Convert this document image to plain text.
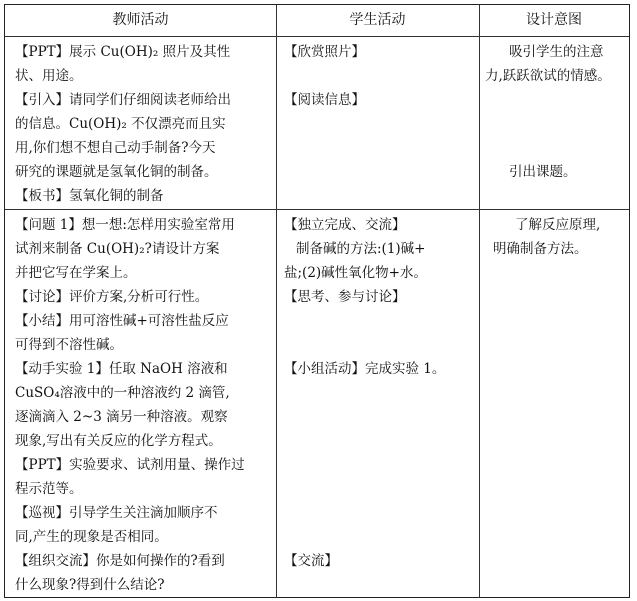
教师活动	学生活动	设计意图

【PPT】展示 Cu(OH)₂ 照片及其性

状、用途。

【引入】请同学们仔细阅读老师给出

的信息。Cu(OH)₂ 不仅漂亮而且实

用,你们想不想自己动手制备?今天

研究的课题就是氢氧化铜的制备。

【板书】氢氧化铜的制备

【欣赏照片】

【阅读信息】

吸引学生的注意

力,跃跃欲试的情感。

引出课题。

【问题 1】想一想:怎样用实验室常用

试剂来制备 Cu(OH)₂?请设计方案

并把它写在学案上。

【讨论】评价方案,分析可行性。

【小结】用可溶性碱+可溶性盐反应

可得到不溶性碱。

【动手实验 1】任取 NaOH 溶液和

CuSO₄溶液中的一种溶液约 2 滴管,

逐滴滴入 2~3 滴另一种溶液。观察

现象,写出有关反应的化学方程式。

【PPT】实验要求、试剂用量、操作过

程示范等。

【巡视】引导学生关注滴加顺序不

同,产生的现象是否相同。

【组织交流】你是如何操作的?看到

什么现象?得到什么结论?

【独立完成、交流】

制备碱的方法:(1)碱+

盐;(2)碱性氧化物+水。

【思考、参与讨论】

【小组活动】完成实验 1。

【交流】

了解反应原理,

明确制备方法。
